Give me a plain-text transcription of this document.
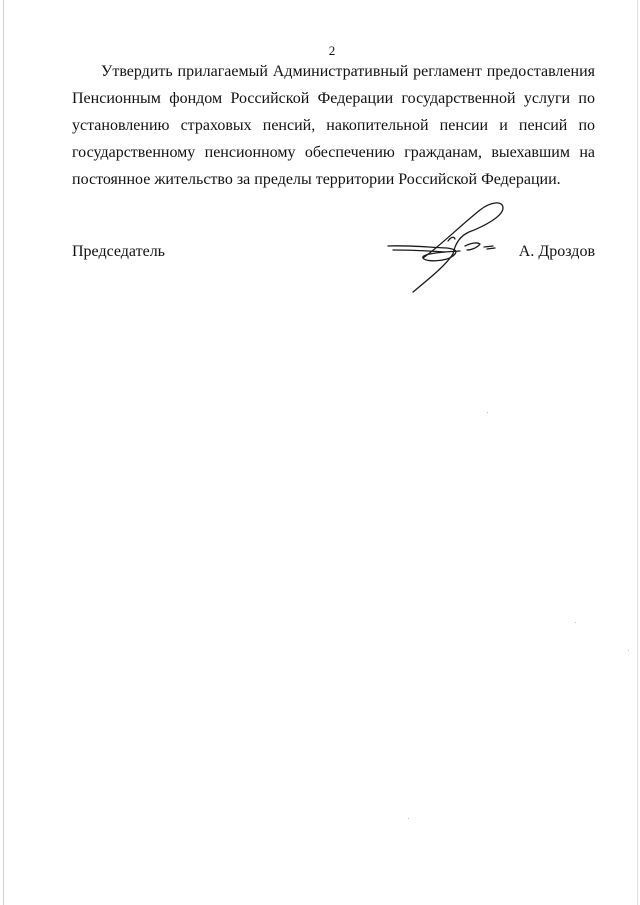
2

Утвердить прилагаемый Административный регламент предоставления Пенсионным фондом Российской Федерации государственной услуги по установлению страховых пенсий, накопительной пенсии и пенсий по государственному пенсионному обеспечению гражданам, выехавшим на постоянное жительство за пределы территории Российской Федерации.

Председатель	А. Дроздов
